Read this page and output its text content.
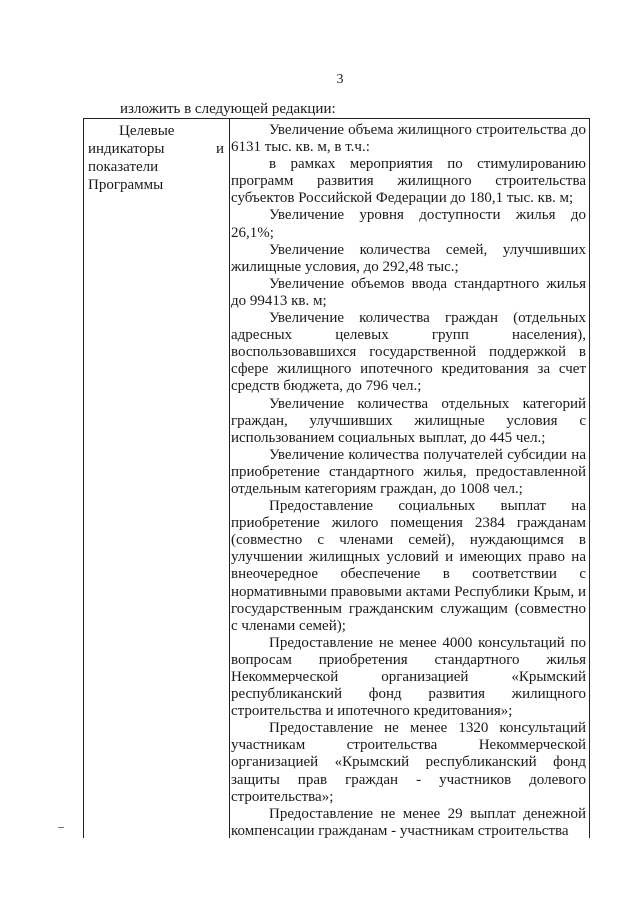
3
изложить в следующей редакции:
Целевые
индикаторы	и
показатели
Программы

Увеличение объема жилищного строительства до 6131 тыс. кв. м, в т.ч.:

в рамках мероприятия по стимулированию программ развития жилищного строительства субъектов Российской Федерации до 180,1 тыс. кв. м;

Увеличение уровня доступности жилья до 26,1%;

Увеличение количества семей, улучшивших жилищные условия, до 292,48 тыс.;

Увеличение объемов ввода стандартного жилья до 99413 кв. м;

Увеличение количества граждан (отдельных адресных целевых групп населения), воспользовавшихся государственной поддержкой в сфере жилищного ипотечного кредитования за счет средств бюджета, до 796 чел.;

Увеличение количества отдельных категорий граждан, улучшивших жилищные условия с использованием социальных выплат, до 445 чел.;

Увеличение количества получателей субсидии на приобретение стандартного жилья, предоставленной отдельным категориям граждан, до 1008 чел.;

Предоставление социальных выплат на приобретение жилого помещения 2384 гражданам (совместно с членами семей), нуждающимся в улучшении жилищных условий и имеющих право на внеочередное обеспечение в соответствии с нормативными правовыми актами Республики Крым, и государственным гражданским служащим (совместно с членами семей);

Предоставление не менее 4000 консультаций по вопросам приобретения стандартного жилья Некоммерческой организацией «Крымский республиканский фонд развития жилищного строительства и ипотечного кредитования»;

Предоставление не менее 1320 консультаций участникам строительства Некоммерческой организацией «Крымский республиканский фонд защиты прав граждан - участников долевого строительства»;

Предоставление не менее 29 выплат денежной компенсации гражданам - участникам строительства
